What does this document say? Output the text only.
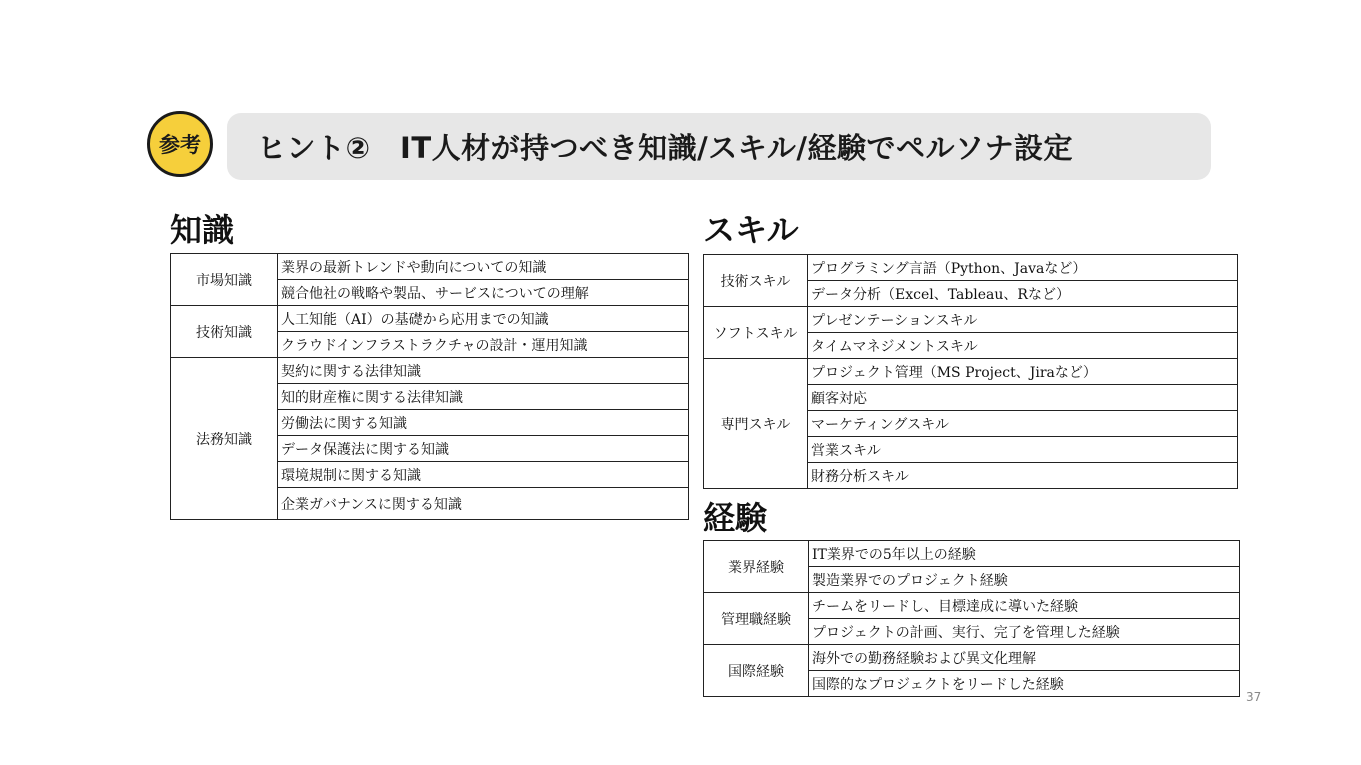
参考	ヒント②　IT人材が持つべき知識/スキル/経験でペルソナ設定
知識
市場知識	業界の最新トレンドや動向についての知識
	競合他社の戦略や製品、サービスについての理解
技術知識	人工知能（AI）の基礎から応用までの知識
	クラウドインフラストラクチャの設計・運用知識
法務知識	契約に関する法律知識
	知的財産権に関する法律知識
	労働法に関する知識
	データ保護法に関する知識
	環境規制に関する知識
	企業ガバナンスに関する知識
スキル
技術スキル	プログラミング言語（Python、Javaなど）
	データ分析（Excel、Tableau、Rなど）
ソフトスキル	プレゼンテーションスキル
	タイムマネジメントスキル
専門スキル	プロジェクト管理（MS Project、Jiraなど）
	顧客対応
	マーケティングスキル
	営業スキル
	財務分析スキル
経験
業界経験	IT業界での5年以上の経験
	製造業界でのプロジェクト経験
管理職経験	チームをリードし、目標達成に導いた経験
	プロジェクトの計画、実行、完了を管理した経験
国際経験	海外での勤務経験および異文化理解
	国際的なプロジェクトをリードした経験
37
